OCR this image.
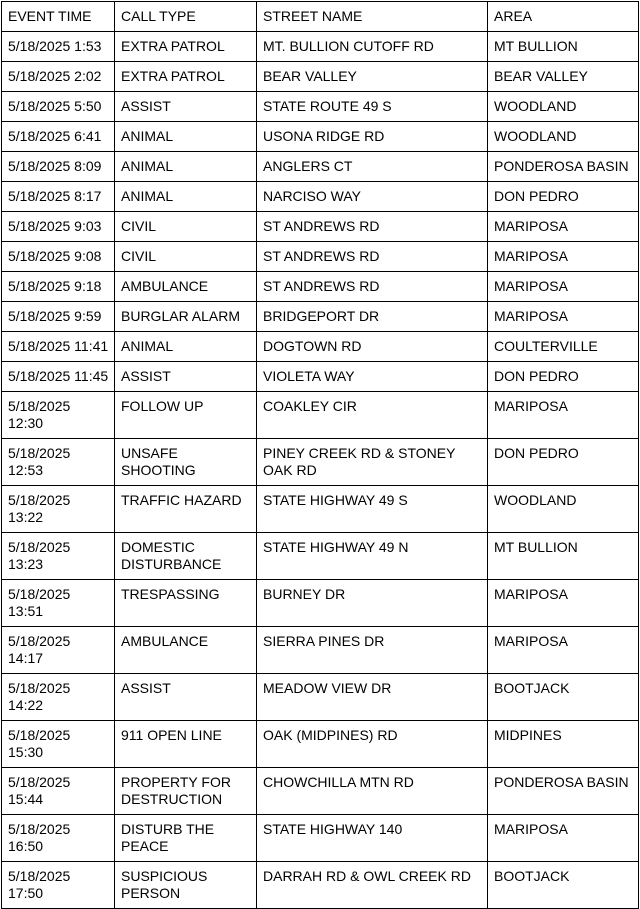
EVENT TIME	CALL TYPE	STREET NAME	AREA
5/18/2025 1:53	EXTRA PATROL	MT. BULLION CUTOFF RD	MT BULLION
5/18/2025 2:02	EXTRA PATROL	BEAR VALLEY	BEAR VALLEY
5/18/2025 5:50	ASSIST	STATE ROUTE 49 S	WOODLAND
5/18/2025 6:41	ANIMAL	USONA RIDGE RD	WOODLAND
5/18/2025 8:09	ANIMAL	ANGLERS CT	PONDEROSA BASIN
5/18/2025 8:17	ANIMAL	NARCISO WAY	DON PEDRO
5/18/2025 9:03	CIVIL	ST ANDREWS RD	MARIPOSA
5/18/2025 9:08	CIVIL	ST ANDREWS RD	MARIPOSA
5/18/2025 9:18	AMBULANCE	ST ANDREWS RD	MARIPOSA
5/18/2025 9:59	BURGLAR ALARM	BRIDGEPORT DR	MARIPOSA
5/18/2025 11:41	ANIMAL	DOGTOWN RD	COULTERVILLE
5/18/2025 11:45	ASSIST	VIOLETA WAY	DON PEDRO
5/18/2025 12:30	FOLLOW UP	COAKLEY CIR	MARIPOSA
5/18/2025 12:53	UNSAFE SHOOTING	PINEY CREEK RD & STONEY OAK RD	DON PEDRO
5/18/2025 13:22	TRAFFIC HAZARD	STATE HIGHWAY 49 S	WOODLAND
5/18/2025 13:23	DOMESTIC DISTURBANCE	STATE HIGHWAY 49 N	MT BULLION
5/18/2025 13:51	TRESPASSING	BURNEY DR	MARIPOSA
5/18/2025 14:17	AMBULANCE	SIERRA PINES DR	MARIPOSA
5/18/2025 14:22	ASSIST	MEADOW VIEW DR	BOOTJACK
5/18/2025 15:30	911 OPEN LINE	OAK (MIDPINES) RD	MIDPINES
5/18/2025 15:44	PROPERTY FOR DESTRUCTION	CHOWCHILLA MTN RD	PONDEROSA BASIN
5/18/2025 16:50	DISTURB THE PEACE	STATE HIGHWAY 140	MARIPOSA
5/18/2025 17:50	SUSPICIOUS PERSON	DARRAH RD & OWL CREEK RD	BOOTJACK
